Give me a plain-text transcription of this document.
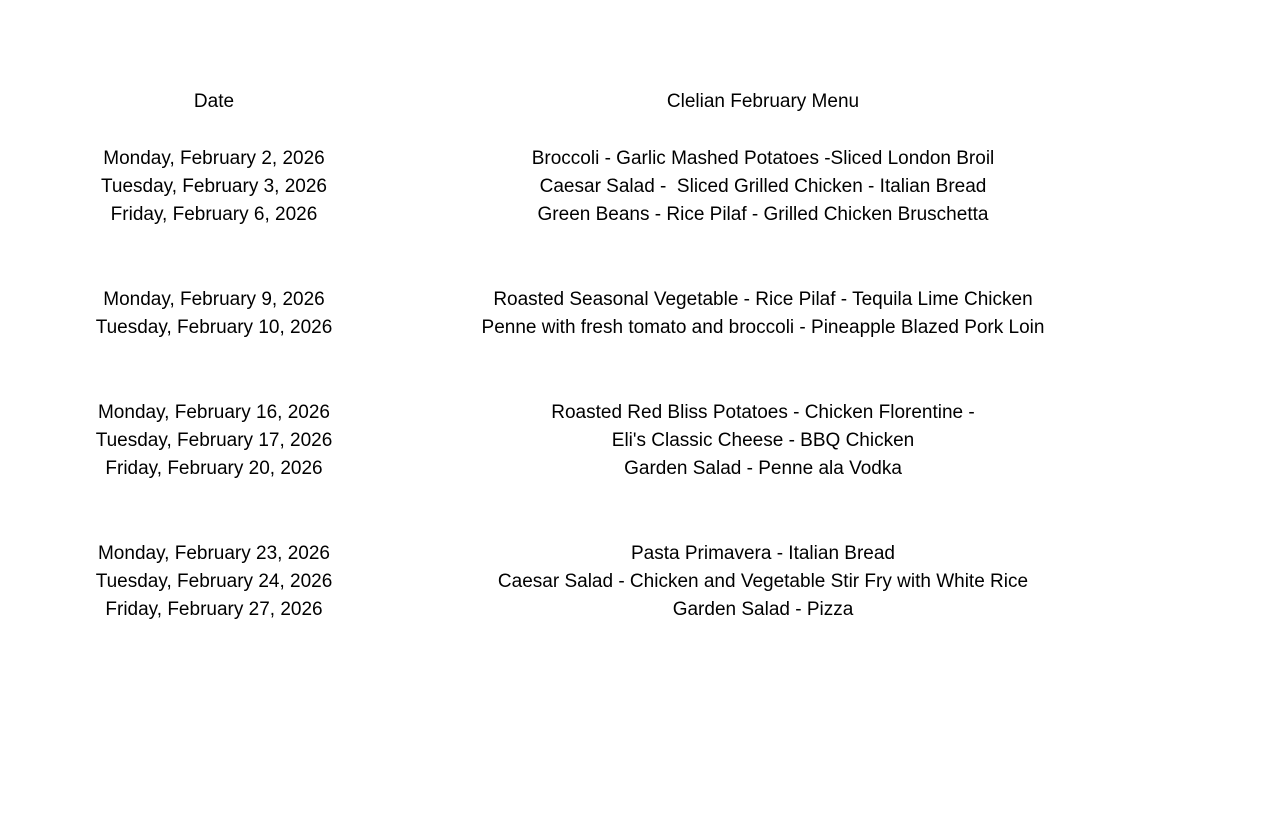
Date	Clelian February Menu
Monday, February 2, 2026	Broccoli - Garlic Mashed Potatoes -Sliced London Broil
Tuesday, February 3, 2026	Caesar Salad -  Sliced Grilled Chicken - Italian Bread
Friday, February 6, 2026	Green Beans - Rice Pilaf - Grilled Chicken Bruschetta
Monday, February 9, 2026	Roasted Seasonal Vegetable - Rice Pilaf - Tequila Lime Chicken
Tuesday, February 10, 2026	Penne with fresh tomato and broccoli - Pineapple Blazed Pork Loin
Monday, February 16, 2026	Roasted Red Bliss Potatoes - Chicken Florentine -
Tuesday, February 17, 2026	Eli's Classic Cheese - BBQ Chicken
Friday, February 20, 2026	Garden Salad - Penne ala Vodka
Monday, February 23, 2026	Pasta Primavera - Italian Bread
Tuesday, February 24, 2026	Caesar Salad - Chicken and Vegetable Stir Fry with White Rice
Friday, February 27, 2026	Garden Salad - Pizza
